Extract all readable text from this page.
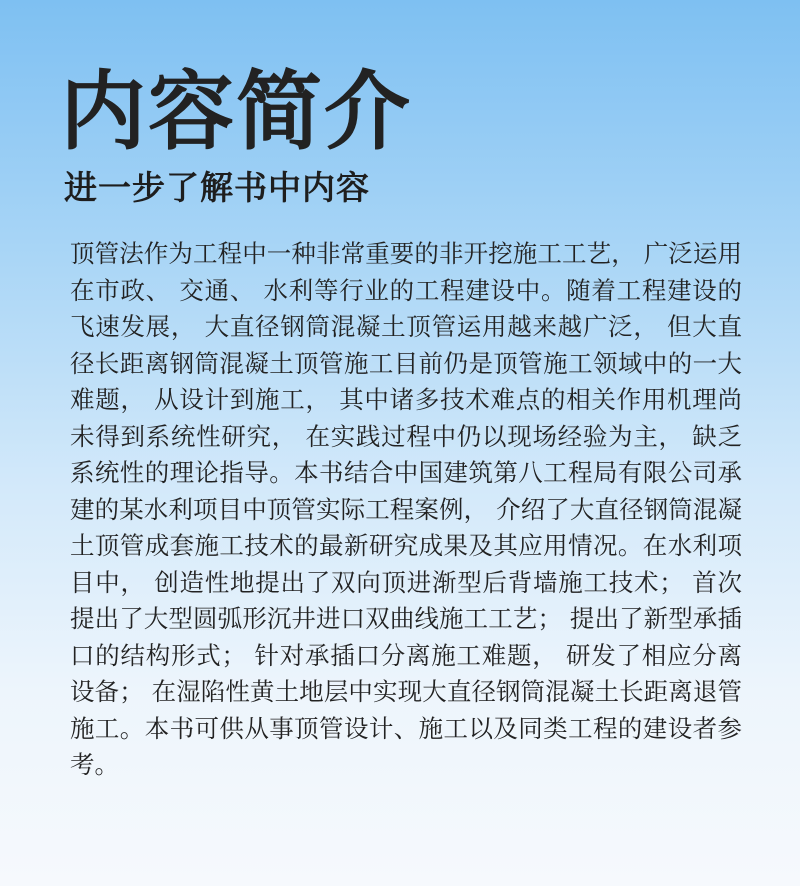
内容简介
进一步了解书中内容

顶管法作为工程中一种非常重要的非开挖施工工艺， 广泛运用在市政、 交通、 水利等行业的工程建设中。随着工程建设的飞速发展， 大直径钢筒混凝土顶管运用越来越广泛， 但大直径长距离钢筒混凝土顶管施工目前仍是顶管施工领域中的一大难题， 从设计到施工， 其中诸多技术难点的相关作用机理尚未得到系统性研究， 在实践过程中仍以现场经验为主， 缺乏系统性的理论指导。本书结合中国建筑第八工程局有限公司承建的某水利项目中顶管实际工程案例， 介绍了大直径钢筒混凝土顶管成套施工技术的最新研究成果及其应用情况。在水利项目中， 创造性地提出了双向顶进渐型后背墙施工技术； 首次提出了大型圆弧形沉井进口双曲线施工工艺； 提出了新型承插口的结构形式； 针对承插口分离施工难题， 研发了相应分离设备； 在湿陷性黄土地层中实现大直径钢筒混凝土长距离退管施工。本书可供从事顶管设计、施工以及同类工程的建设者参考。
